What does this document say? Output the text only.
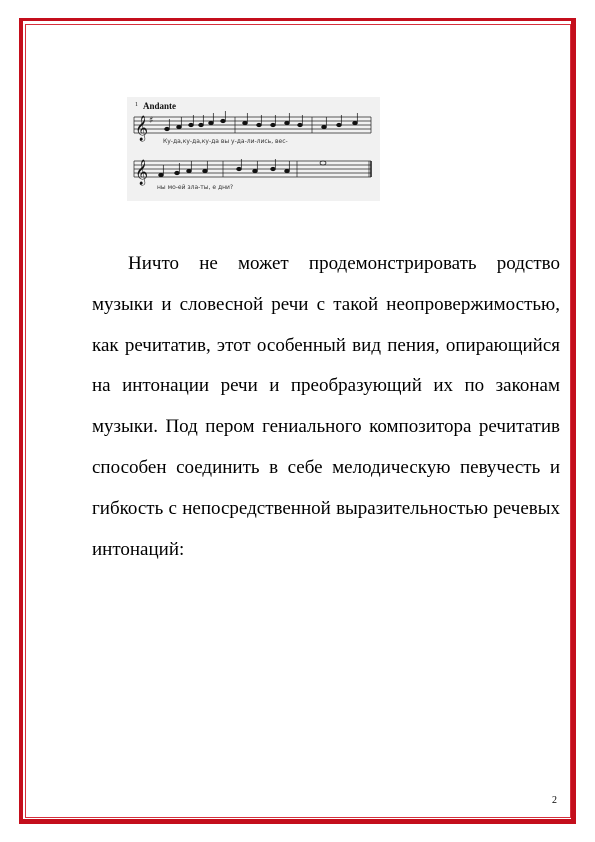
1 Andante
𝄞 ♯
Ку-да,ку-да,ку-да вы у-да-ли-лись, вес-
𝄞
ны мо-ей зла-ты, е дни?

Ничто не может продемонстрировать родство музыки и словесной речи с такой неопровержимостью, как речитатив, этот особенный вид пения, опирающийся на интонации речи и преобразующий их по законам музыки. Под пером гениального композитора речитатив способен соединить в себе мелодическую певучесть и гибкость с непосредственной выразительностью речевых интонаций:

2
